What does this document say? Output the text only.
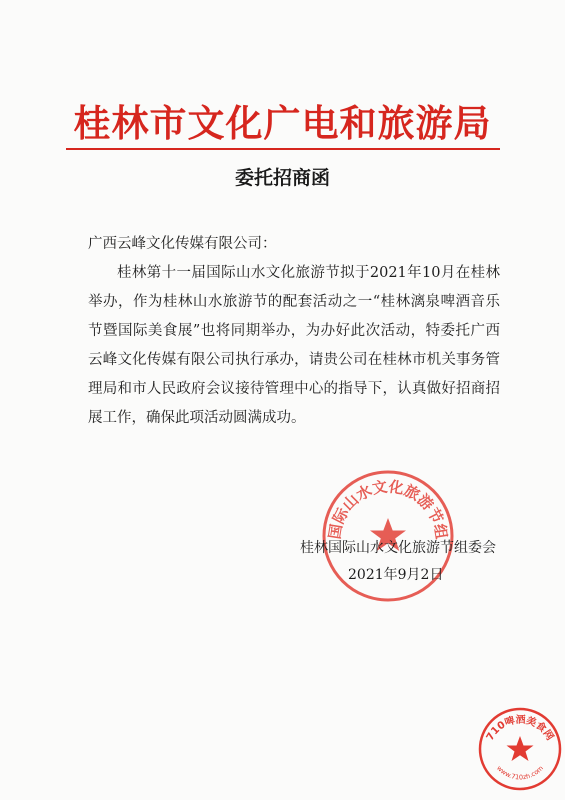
桂林市文化广电和旅游局
委托招商函
广西云峰文化传媒有限公司：
桂林第十一届国际山水文化旅游节拟于2021年10月在桂林举办，作为桂林山水旅游节的配套活动之一“桂林漓泉啤酒音乐节暨国际美食展”也将同期举办，为办好此次活动，特委托广西云峰文化传媒有限公司执行承办，请贵公司在桂林市机关事务管理局和市人民政府会议接待管理中心的指导下，认真做好招商招展工作，确保此项活动圆满成功。
桂林国际山水文化旅游节组委会
桂林国际山水文化旅游节组委会
2021年9月2日
710啤酒美食网
www.710zh.com
